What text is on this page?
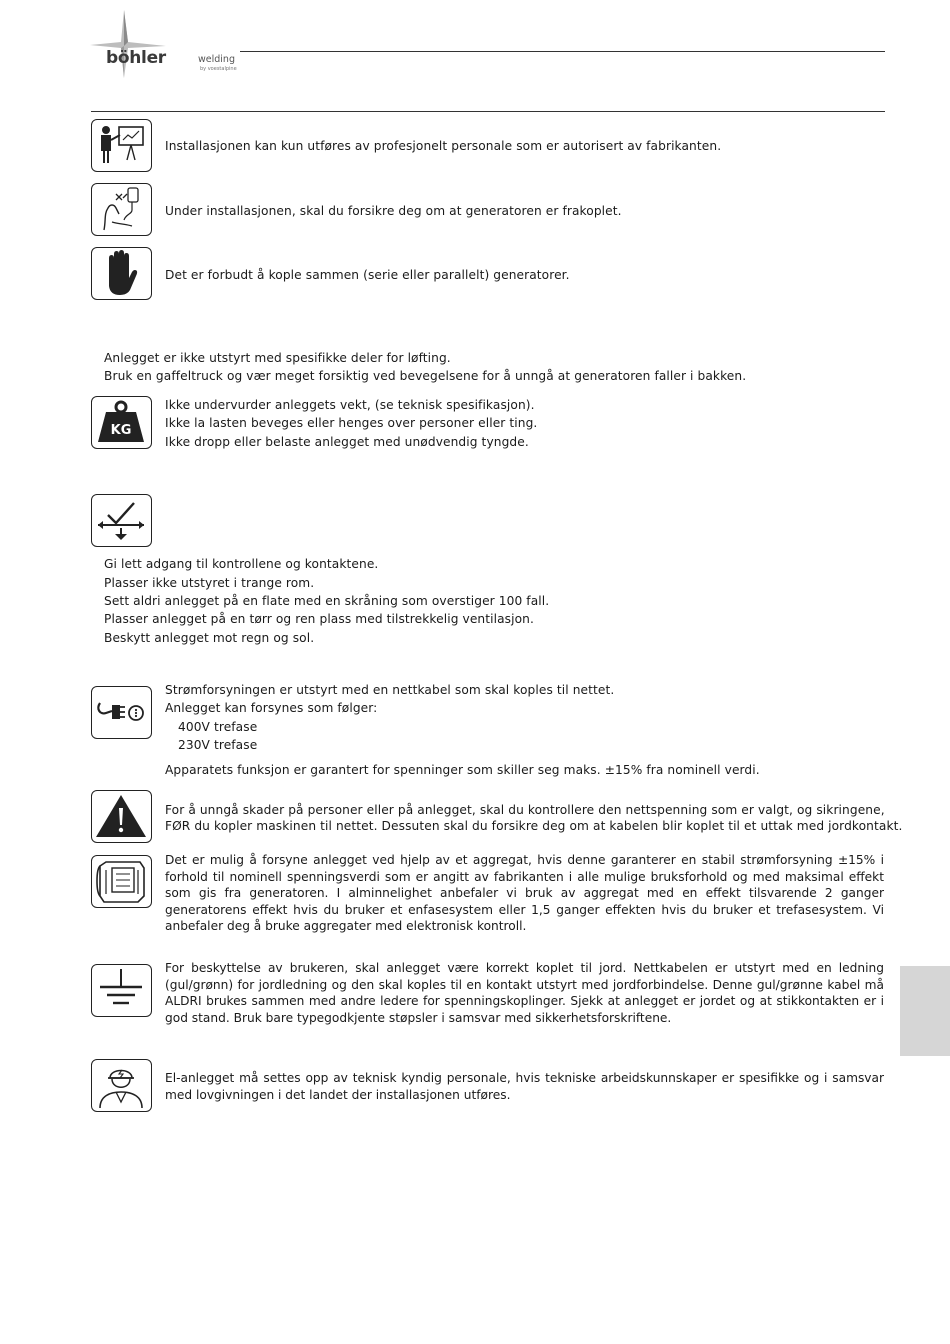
böhler	welding
by voestalpine
Installasjonen kan kun utføres av profesjonelt personale som er autorisert av fabrikanten.
Under installasjonen, skal du forsikre deg om at generatoren er frakoplet.
Det er forbudt å kople sammen (serie eller parallelt) generatorer.
Anlegget er ikke utstyrt med spesifikke deler for løfting.
Bruk en gaffeltruck og vær meget forsiktig ved bevegelsene for å unngå at generatoren faller i bakken.
KG
Ikke undervurder anleggets vekt, (se teknisk spesifikasjon).
Ikke la lasten beveges eller henges over personer eller ting.
Ikke dropp eller belaste anlegget med unødvendig tyngde.
Gi lett adgang til kontrollene og kontaktene.
Plasser ikke utstyret i trange rom.
Sett aldri anlegget på en flate med en skråning som overstiger 100 fall.
Plasser anlegget på en tørr og ren plass med tilstrekkelig ventilasjon.
Beskytt anlegget mot regn og sol.
Strømforsyningen er utstyrt med en nettkabel som skal koples til nettet.
Anlegget kan forsynes som følger:
400V trefase
230V trefase
Apparatets funksjon er garantert for spenninger som skiller seg maks. ±15% fra nominell verdi.
For å unngå skader på personer eller på anlegget, skal du kontrollere den nettspenning som er valgt, og sikringene,
FØR du kopler maskinen til nettet. Dessuten skal du forsikre deg om at kabelen blir koplet til et uttak med jordkontakt.
Det er mulig å forsyne anlegget ved hjelp av et aggregat, hvis denne garanterer en stabil strømforsyning ±15% i forhold til nominell spenningsverdi som er angitt av fabrikanten i alle mulige bruksforhold og med maksimal effekt som gis fra generatoren. I alminnelighet anbefaler vi bruk av aggregat med en effekt tilsvarende 2 ganger generatorens effekt hvis du bruker et enfasesystem eller 1,5 ganger effekten hvis du bruker et trefasesystem. Vi anbefaler deg å bruke aggregater med elektronisk kontroll.
For beskyttelse av brukeren, skal anlegget være korrekt koplet til jord. Nettkabelen er utstyrt med en ledning (gul/grønn) for jordledning og den skal koples til en kontakt utstyrt med jordforbindelse. Denne gul/grønne kabel må ALDRI brukes sammen med andre ledere for spenningskoplinger. Sjekk at anlegget er jordet og at stikkontakten er i god stand. Bruk bare typegodkjente støpsler i samsvar med sikkerhetsforskriftene.
El-anlegget må settes opp av teknisk kyndig personale, hvis tekniske arbeidskunnskaper er spesifikke og i samsvar med lovgivningen i det landet der installasjonen utføres.
